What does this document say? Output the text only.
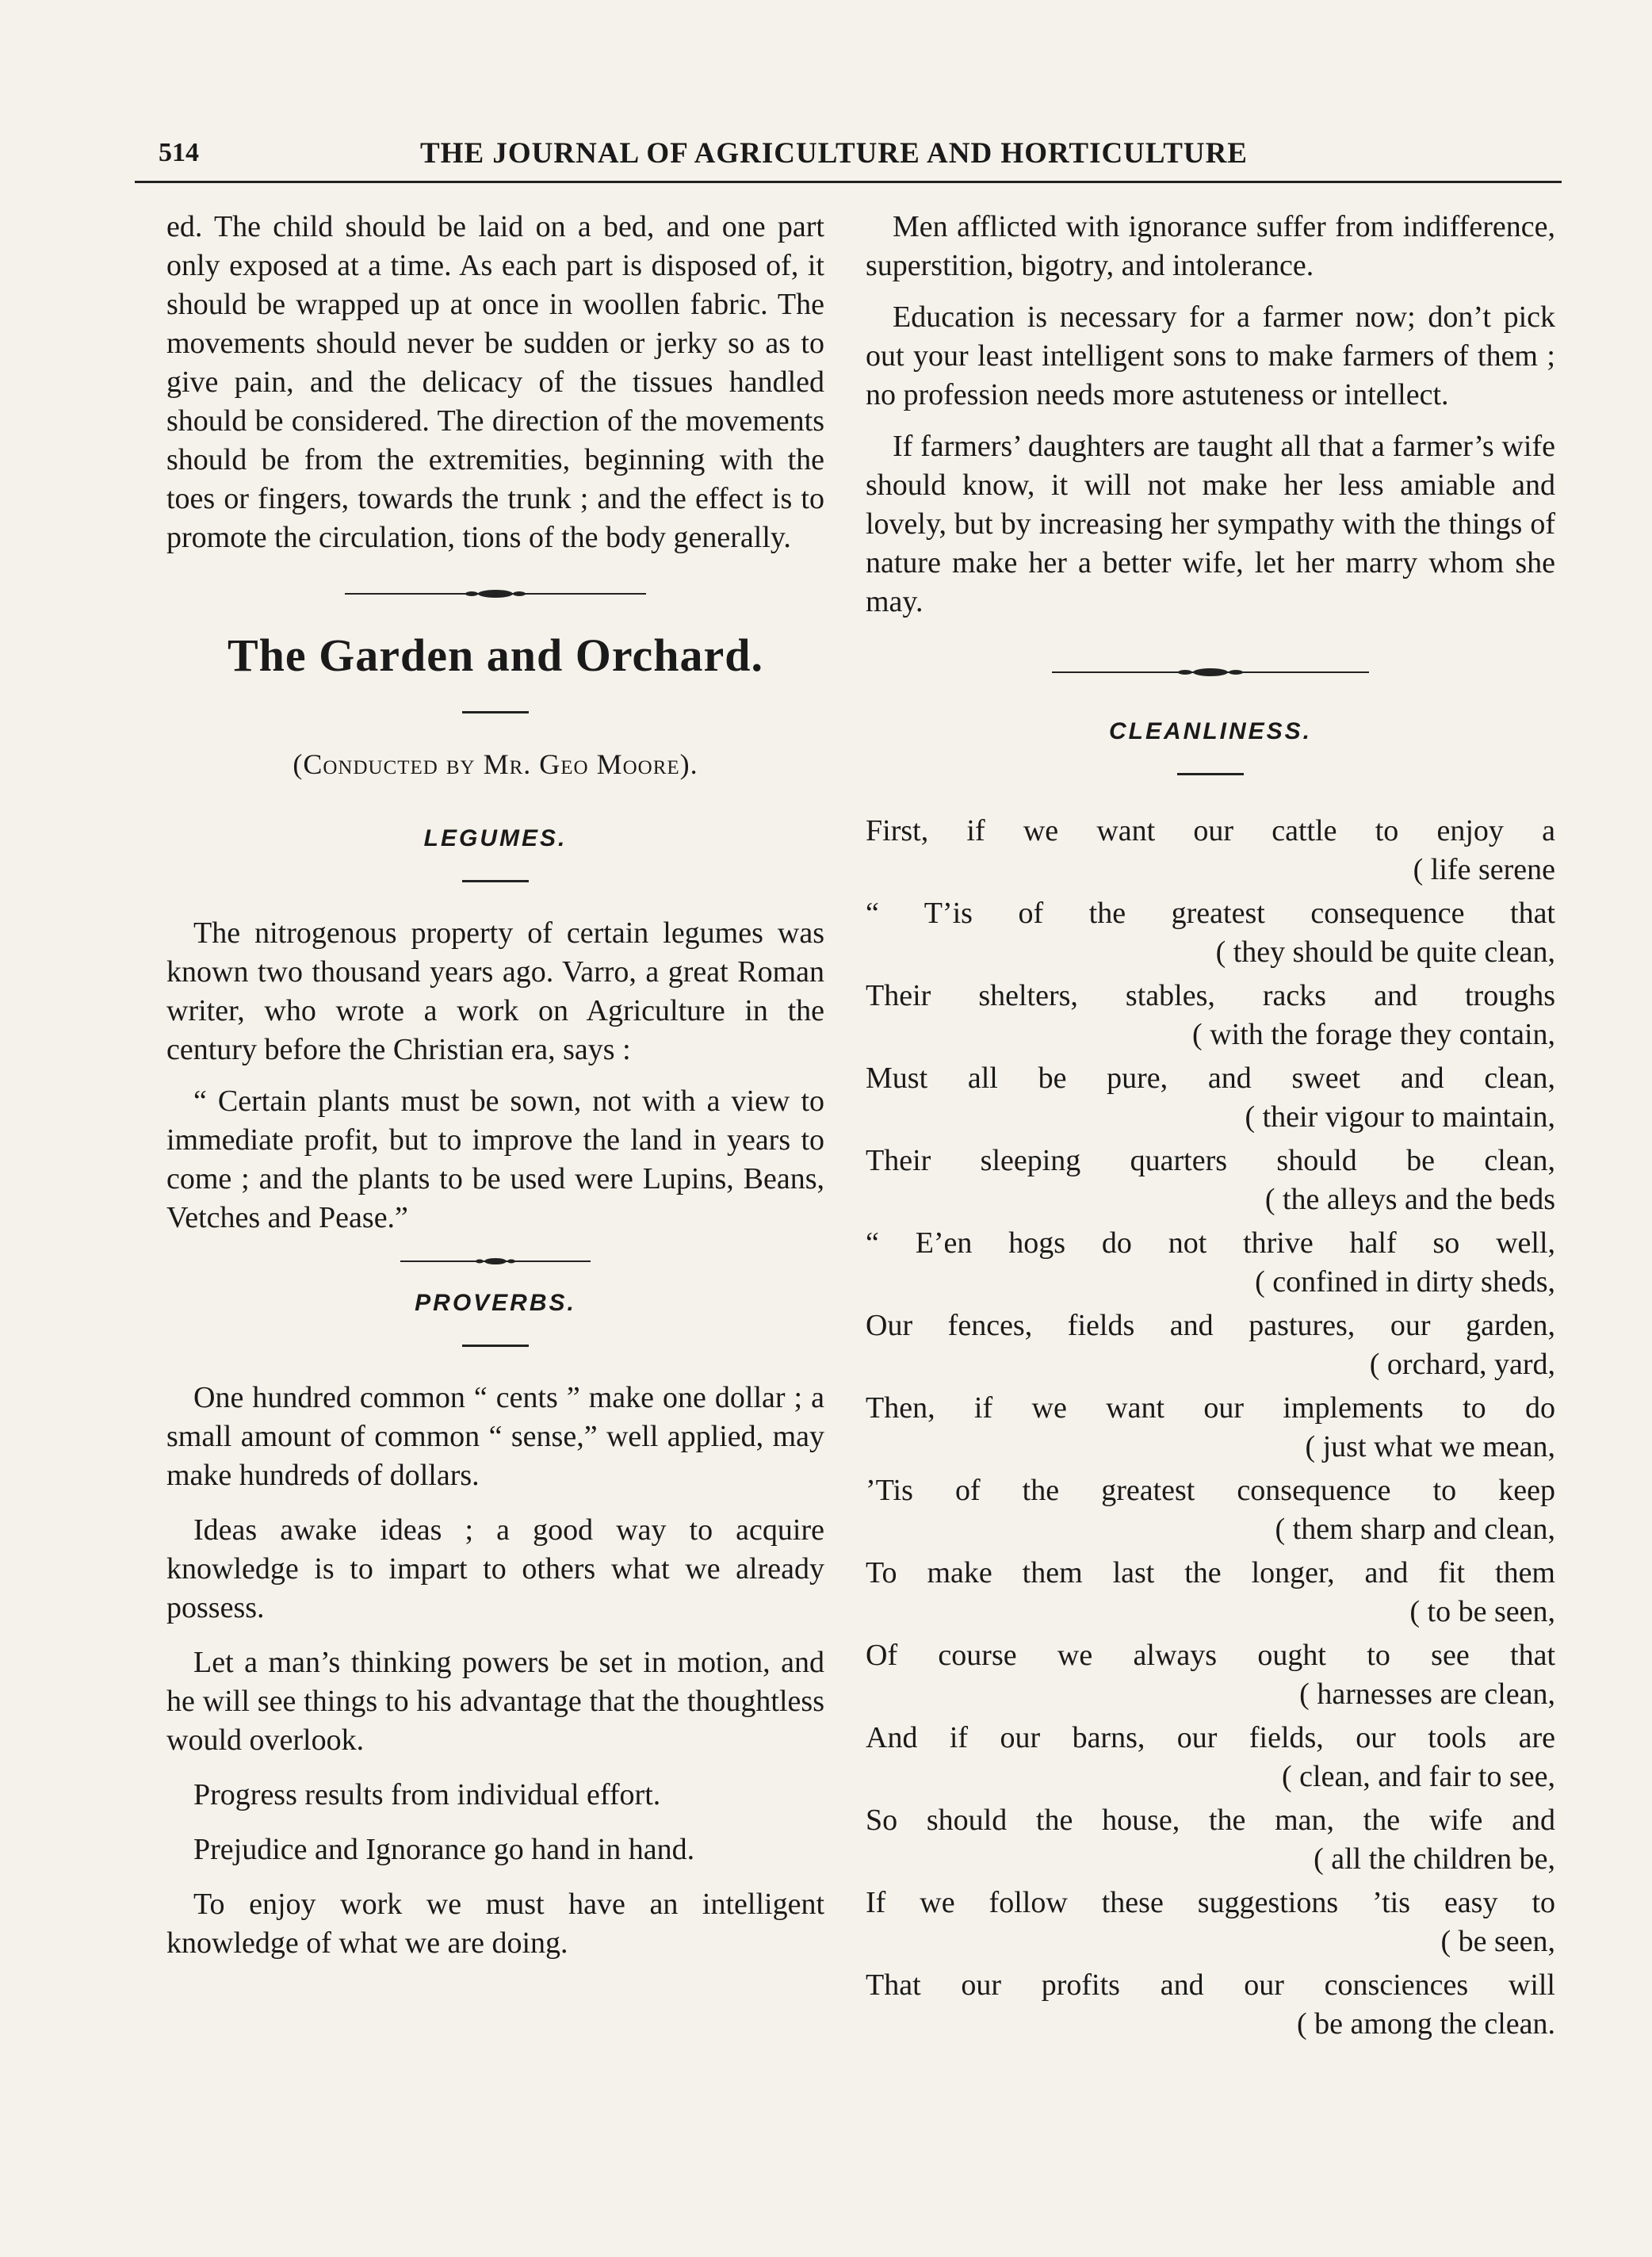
514	THE JOURNAL OF AGRICULTURE AND HORTICULTURE

ed. The child should be laid on a bed, and one part only exposed at a time. As each part is disposed of, it should be wrapped up at once in woollen fabric. The movements should never be sudden or jerky so as to give pain, and the delicacy of the tissues handled should be considered. The direction of the movements should be from the extremities, beginning with the toes or fingers, towards the trunk ; and the effect is to promote the circulation, tions of the body generally.

The Garden and Orchard.
(Conducted by Mr. Geo Moore).
LEGUMES.

The nitrogenous property of certain legumes was known two thousand years ago. Varro, a great Roman writer, who wrote a work on Agriculture in the century before the Christian era, says :

“ Certain plants must be sown, not with a view to immediate profit, but to improve the land in years to come ; and the plants to be used were Lupins, Beans, Vetches and Pease.”

PROVERBS.

One hundred common “ cents ” make one dollar ; a small amount of common “ sense,” well applied, may make hundreds of dollars.

Ideas awake ideas ; a good way to acquire knowledge is to impart to others what we already possess.

Let a man’s thinking powers be set in motion, and he will see things to his advantage that the thoughtless would overlook.

Progress results from individual effort.

Prejudice and Ignorance go hand in hand.

To enjoy work we must have an intelligent knowledge of what we are doing.

Men afflicted with ignorance suffer from indifference, superstition, bigotry, and intolerance.

Education is necessary for a farmer now; don’t pick out your least intelligent sons to make farmers of them ; no profession needs more astuteness or intellect.

If farmers’ daughters are taught all that a farmer’s wife should know, it will not make her less amiable and lovely, but by increasing her sympathy with the things of nature make her a better wife, let her marry whom she may.

CLEANLINESS.
First, if we want our cattle to enjoy a
( life serene
“ T’is of the greatest consequence that
( they should be quite clean,
Their shelters, stables, racks and troughs
( with the forage they contain,
Must all be pure, and sweet and clean,
( their vigour to maintain,
Their sleeping quarters should be clean,
( the alleys and the beds
“ E’en hogs do not thrive half so well,
( confined in dirty sheds,
Our fences, fields and pastures, our garden,
( orchard, yard,
Then, if we want our implements to do
( just what we mean,
’Tis of the greatest consequence to keep
( them sharp and clean,
To make them last the longer, and fit them
( to be seen,
Of course we always ought to see that
( harnesses are clean,
And if our barns, our fields, our tools are
( clean, and fair to see,
So should the house, the man, the wife and
( all the children be,
If we follow these suggestions ’tis easy to
( be seen,
That our profits and our consciences will
( be among the clean.
